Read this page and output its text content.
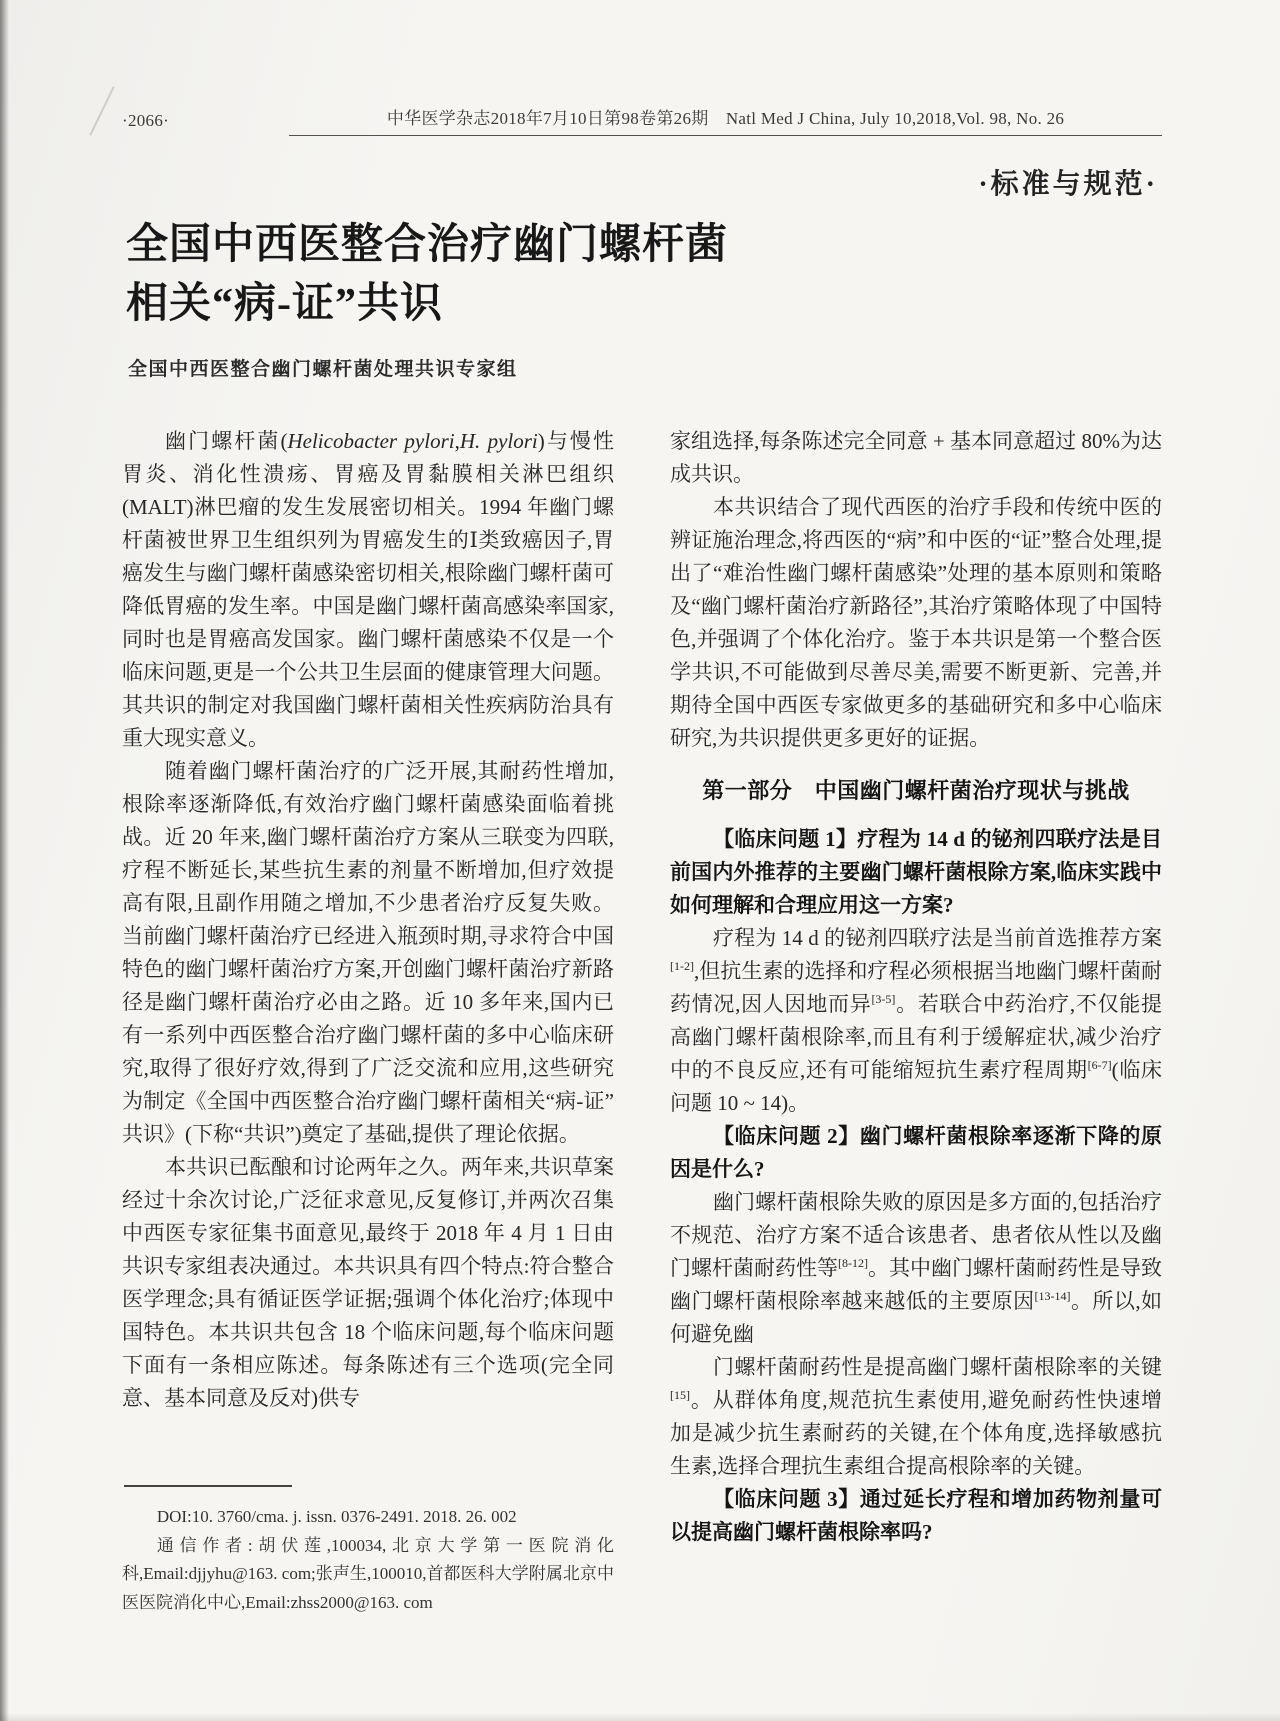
·2066·	中华医学杂志2018年7月10日第98卷第26期　Natl Med J China, July 10,2018,Vol. 98, No. 26
·标准与规范·
全国中西医整合治疗幽门螺杆菌
相关“病-证”共识
全国中西医整合幽门螺杆菌处理共识专家组

幽门螺杆菌(Helicobacter pylori,H. pylori)与慢性胃炎、消化性溃疡、胃癌及胃黏膜相关淋巴组织(MALT)淋巴瘤的发生发展密切相关。1994 年幽门螺杆菌被世界卫生组织列为胃癌发生的Ⅰ类致癌因子,胃癌发生与幽门螺杆菌感染密切相关,根除幽门螺杆菌可降低胃癌的发生率。中国是幽门螺杆菌高感染率国家,同时也是胃癌高发国家。幽门螺杆菌感染不仅是一个临床问题,更是一个公共卫生层面的健康管理大问题。其共识的制定对我国幽门螺杆菌相关性疾病防治具有重大现实意义。

随着幽门螺杆菌治疗的广泛开展,其耐药性增加,根除率逐渐降低,有效治疗幽门螺杆菌感染面临着挑战。近 20 年来,幽门螺杆菌治疗方案从三联变为四联,疗程不断延长,某些抗生素的剂量不断增加,但疗效提高有限,且副作用随之增加,不少患者治疗反复失败。当前幽门螺杆菌治疗已经进入瓶颈时期,寻求符合中国特色的幽门螺杆菌治疗方案,开创幽门螺杆菌治疗新路径是幽门螺杆菌治疗必由之路。近 10 多年来,国内已有一系列中西医整合治疗幽门螺杆菌的多中心临床研究,取得了很好疗效,得到了广泛交流和应用,这些研究为制定《全国中西医整合治疗幽门螺杆菌相关“病-证”共识》(下称“共识”)奠定了基础,提供了理论依据。

本共识已酝酿和讨论两年之久。两年来,共识草案经过十余次讨论,广泛征求意见,反复修订,并两次召集中西医专家征集书面意见,最终于 2018 年 4 月 1 日由共识专家组表决通过。本共识具有四个特点:符合整合医学理念;具有循证医学证据;强调个体化治疗;体现中国特色。本共识共包含 18 个临床问题,每个临床问题下面有一条相应陈述。每条陈述有三个选项(完全同意、基本同意及反对)供专

DOI:10. 3760/cma. j. issn. 0376-2491. 2018. 26. 002

通信作者:胡伏莲,100034,北京大学第一医院消化科,Email:djjyhu@163. com;张声生,100010,首都医科大学附属北京中医医院消化中心,Email:zhss2000@163. com

家组选择,每条陈述完全同意 + 基本同意超过 80%为达成共识。

本共识结合了现代西医的治疗手段和传统中医的辨证施治理念,将西医的“病”和中医的“证”整合处理,提出了“难治性幽门螺杆菌感染”处理的基本原则和策略及“幽门螺杆菌治疗新路径”,其治疗策略体现了中国特色,并强调了个体化治疗。鉴于本共识是第一个整合医学共识,不可能做到尽善尽美,需要不断更新、完善,并期待全国中西医专家做更多的基础研究和多中心临床研究,为共识提供更多更好的证据。

第一部分　中国幽门螺杆菌治疗现状与挑战

【临床问题 1】疗程为 14 d 的铋剂四联疗法是目前国内外推荐的主要幽门螺杆菌根除方案,临床实践中如何理解和合理应用这一方案?

疗程为 14 d 的铋剂四联疗法是当前首选推荐方案[1-2],但抗生素的选择和疗程必须根据当地幽门螺杆菌耐药情况,因人因地而异[3-5]。若联合中药治疗,不仅能提高幽门螺杆菌根除率,而且有利于缓解症状,减少治疗中的不良反应,还有可能缩短抗生素疗程周期[6-7](临床问题 10 ~ 14)。

【临床问题 2】幽门螺杆菌根除率逐渐下降的原因是什么?

幽门螺杆菌根除失败的原因是多方面的,包括治疗不规范、治疗方案不适合该患者、患者依从性以及幽门螺杆菌耐药性等[8-12]。其中幽门螺杆菌耐药性是导致幽门螺杆菌根除率越来越低的主要原因[13-14]。所以,如何避免幽

门螺杆菌耐药性是提高幽门螺杆菌根除率的关键[15]。从群体角度,规范抗生素使用,避免耐药性快速增加是减少抗生素耐药的关键,在个体角度,选择敏感抗生素,选择合理抗生素组合提高根除率的关键。

【临床问题 3】通过延长疗程和增加药物剂量可以提高幽门螺杆菌根除率吗?
